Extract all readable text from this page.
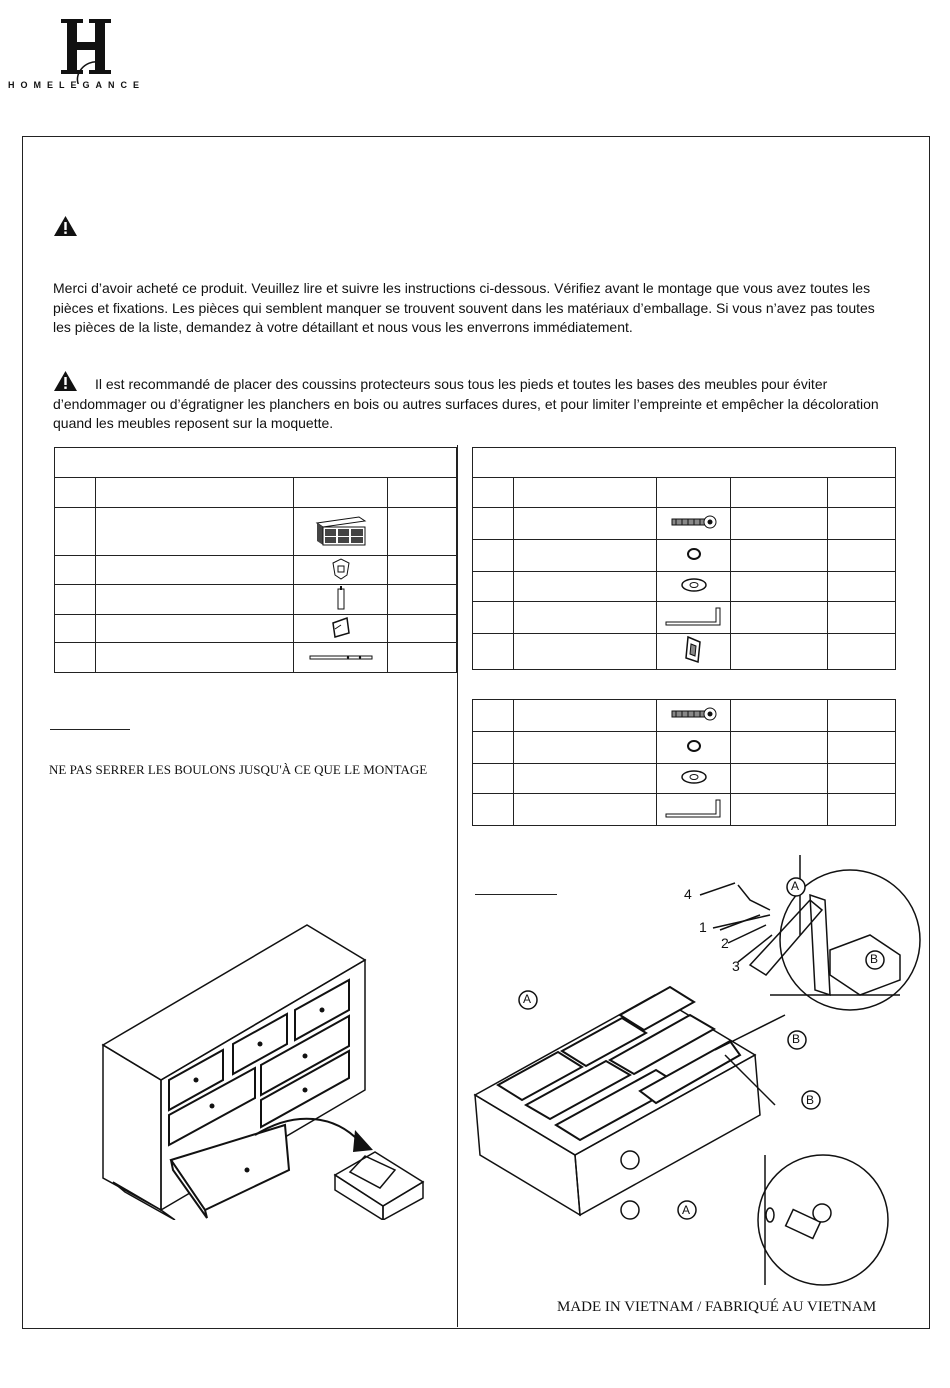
HOMELEGANCE
Merci d’avoir acheté ce produit. Veuillez lire et suivre les instructions ci-dessous. Vérifiez avant le montage que vous avez toutes les pièces et fixations. Les pièces qui semblent manquer se trouvent souvent dans les matériaux d’emballage. Si vous n’avez pas toutes les pièces de la liste, demandez à votre détaillant et nous vous les enverrons immédiatement.
Il est recommandé de placer des coussins protecteurs sous tous les pieds et toutes les bases des meubles pour éviter d’endommager ou d’égratigner les planchers en bois ou autres surfaces dures, et pour limiter l’empreinte et empêcher la décoloration quand les meubles reposent sur la moquette.

NE PAS SERRER LES BOULONS JUSQU'À CE QUE LE MONTAGE
A
B
A
B
B
A
4
1
2
3
MADE IN VIETNAM / FABRIQUÉ AU VIETNAM
